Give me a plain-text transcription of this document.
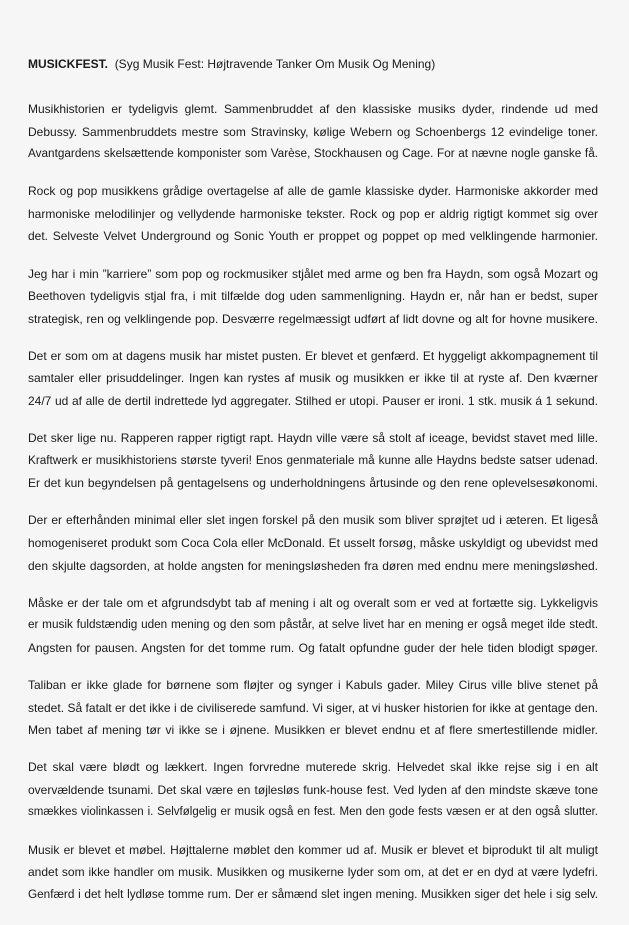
MUSICKFEST. (Syg Musik Fest: Højtravende Tanker Om Musik Og Mening)
Musikhistorien er tydeligvis glemt. Sammenbruddet af den klassiske musiks dyder, rindende ud med
Debussy. Sammenbruddets mestre som Stravinsky, kølige Webern og Schoenbergs 12 evindelige toner.
Avantgardens skelsættende komponister som Varèse, Stockhausen og Cage. For at nævne nogle ganske få.
Rock og pop musikkens grådige overtagelse af alle de gamle klassiske dyder. Harmoniske akkorder med
harmoniske melodilinjer og vellydende harmoniske tekster. Rock og pop er aldrig rigtigt kommet sig over
det. Selveste Velvet Underground og Sonic Youth er proppet og poppet op med velklingende harmonier.
Jeg har i min ”karriere” som pop og rockmusiker stjålet med arme og ben fra Haydn, som også Mozart og
Beethoven tydeligvis stjal fra, i mit tilfælde dog uden sammenligning. Haydn er, når han er bedst, super
strategisk, ren og velklingende pop. Desværre regelmæssigt udført af lidt dovne og alt for hovne musikere.
Det er som om at dagens musik har mistet pusten. Er blevet et genfærd. Et hyggeligt akkompagnement til
samtaler eller prisuddelinger. Ingen kan rystes af musik og musikken er ikke til at ryste af. Den kværner
24/7 ud af alle de dertil indrettede lyd aggregater. Stilhed er utopi. Pauser er ironi. 1 stk. musik á 1 sekund.
Det sker lige nu. Rapperen rapper rigtigt rapt. Haydn ville være så stolt af iceage, bevidst stavet med lille.
Kraftwerk er musikhistoriens største tyveri! Enos genmateriale må kunne alle Haydns bedste satser udenad.
Er det kun begyndelsen på gentagelsens og underholdningens årtusinde og den rene oplevelsesøkonomi.
Der er efterhånden minimal eller slet ingen forskel på den musik som bliver sprøjtet ud i æteren. Et ligeså
homogeniseret produkt som Coca Cola eller McDonald. Et usselt forsøg, måske uskyldigt og ubevidst med
den skjulte dagsorden, at holde angsten for meningsløsheden fra døren med endnu mere meningsløshed.
Måske er der tale om et afgrundsdybt tab af mening i alt og overalt som er ved at fortætte sig. Lykkeligvis
er musik fuldstændig uden mening og den som påstår, at selve livet har en mening er også meget ilde stedt.
Angsten for pausen. Angsten for det tomme rum. Og fatalt opfundne guder der hele tiden blodigt spøger.
Taliban er ikke glade for børnene som fløjter og synger i Kabuls gader. Miley Cirus ville blive stenet på
stedet. Så fatalt er det ikke i de civiliserede samfund. Vi siger, at vi husker historien for ikke at gentage den.
Men tabet af mening tør vi ikke se i øjnene. Musikken er blevet endnu et af flere smertestillende midler.
Det skal være blødt og lækkert. Ingen forvredne muterede skrig. Helvedet skal ikke rejse sig i en alt
overvældende tsunami. Det skal være en tøjlesløs funk-house fest. Ved lyden af den mindste skæve tone
smækkes violinkassen i. Selvfølgelig er musik også en fest. Men den gode fests væsen er at den også slutter.
Musik er blevet et møbel. Højttalerne møblet den kommer ud af. Musik er blevet et biprodukt til alt muligt
andet som ikke handler om musik. Musikken og musikerne lyder som om, at det er en dyd at være lydefri.
Genfærd i det helt lydløse tomme rum. Der er såmænd slet ingen mening. Musikken siger det hele i sig selv.
